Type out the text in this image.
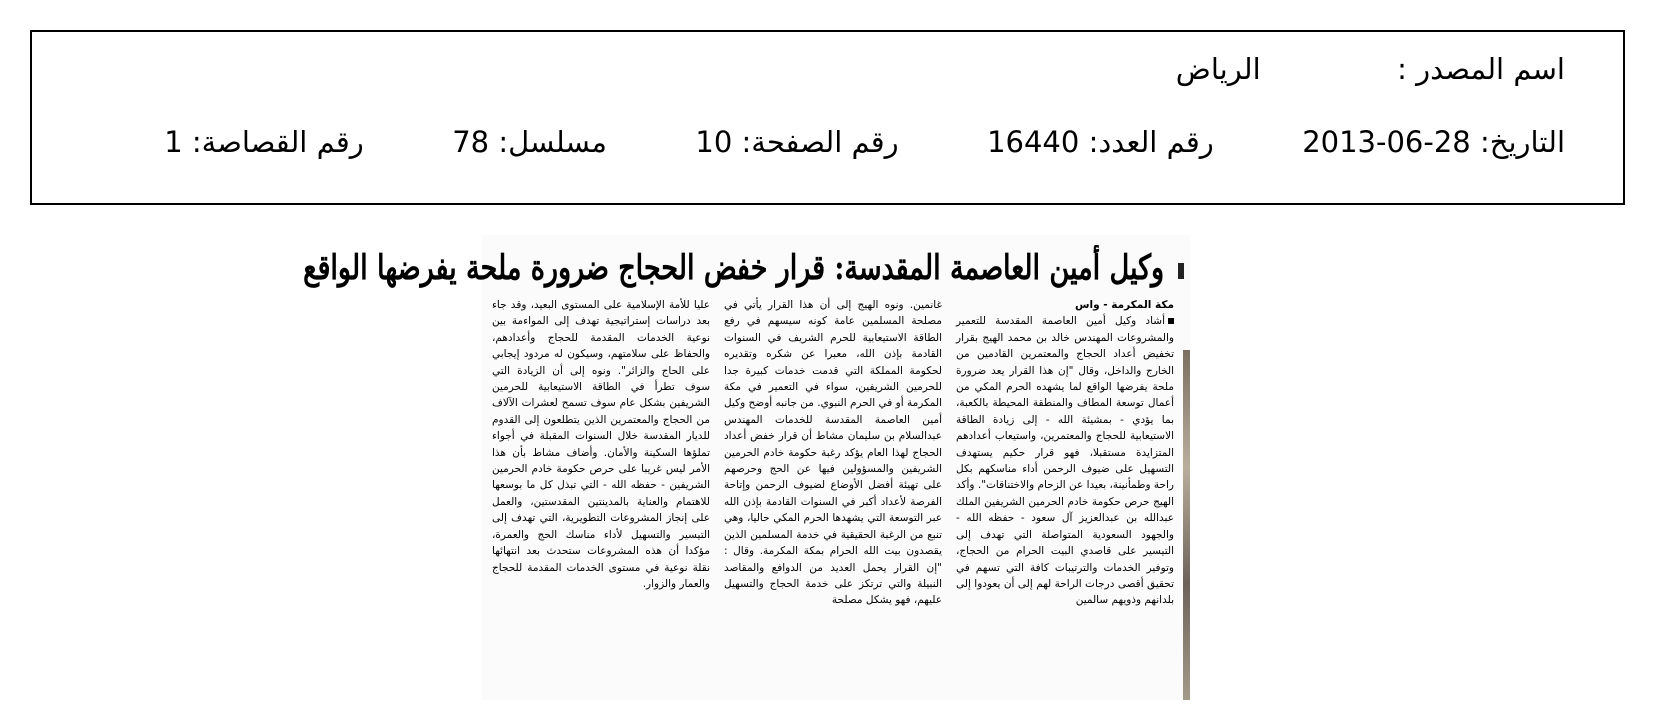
اسم المصدر :  الرياض
التاريخ: 2013-06-28  رقم العدد: 16440  رقم الصفحة: 10  مسلسل: 78  رقم القصاصة: 1
وكيل أمين العاصمة المقدسة: قرار خفض الحجاج ضرورة ملحة يفرضها الواقع

مكة المكرمة - واس

أشاد وكيل أمين العاصمة المقدسة للتعمير والمشروعات المهندس خالد بن محمد الهيج بقرار تخفيض أعداد الحجاج والمعتمرين القادمين من الخارج والداخل، وقال "إن هذا القرار يعد ضرورة ملحة يفرضها الواقع لما يشهده الحرم المكي من أعمال توسعة المطاف والمنطقة المحيطة بالكعبة، بما يؤدي - بمشيئة الله - إلى زيادة الطاقة الاستيعابية للحجاج والمعتمرين، واستيعاب أعدادهم المتزايدة مستقبلا، فهو قرار حكيم يستهدف التسهيل على ضيوف الرحمن أداء مناسكهم بكل راحة وطمأنينة، بعيدا عن الزحام والاختناقات". وأكد الهيج حرص حكومة خادم الحرمين الشريفين الملك عبدالله بن عبدالعزيز آل سعود - حفظه الله - والجهود السعودية المتواصلة التي تهدف إلى التيسير على قاصدي البيت الحرام من الحجاج، وتوفير الخدمات والترتيبات كافة التي تسهم في تحقيق أقصى درجات الراحة لهم إلى أن يعودوا إلى بلدانهم وذويهم سالمين

غانمين. ونوه الهيج إلى أن هذا القرار يأتي في مصلحة المسلمين عامة كونه سيسهم في رفع الطاقة الاستيعابية للحرم الشريف في السنوات القادمة بإذن الله، معبرا عن شكره وتقديره لحكومة المملكة التي قدمت خدمات كبيرة جدا للحرمين الشريفين، سواء في التعمير في مكة المكرمة أو في الحرم النبوي. من جانبه أوضح وكيل أمين العاصمة المقدسة للخدمات المهندس عبدالسلام بن سليمان مشاط أن قرار خفض أعداد الحجاج لهذا العام يؤكد رغبة حكومة خادم الحرمين الشريفين والمسؤولين فيها عن الحج وحرصهم على تهيئة أفضل الأوضاع لضيوف الرحمن وإتاحة الفرصة لأعداد أكبر في السنوات القادمة بإذن الله عبر التوسعة التي يشهدها الحرم المكي حاليا، وهي تنبع من الرغبة الحقيقية في خدمة المسلمين الذين يقصدون بيت الله الحرام بمكة المكرمة. وقال : "إن القرار يحمل العديد من الدوافع والمقاصد النبيلة والتي ترتكز على خدمة الحجاج والتسهيل عليهم، فهو يشكل مصلحة

عليا للأمة الإسلامية على المستوى البعيد، وقد جاء بعد دراسات إستراتيجية تهدف إلى المواءمة بين نوعية الخدمات المقدمة للحجاج وأعدادهم، والحفاظ على سلامتهم، وسيكون له مردود إيجابي على الحاج والزائر". ونوه إلى أن الزيادة التي سوف تطرأ في الطاقة الاستيعابية للحرمين الشريفين بشكل عام سوف تسمح لعشرات الآلاف من الحجاج والمعتمرين الذين يتطلعون إلى القدوم للديار المقدسة خلال السنوات المقبلة في أجواء تملؤها السكينة والأمان. وأضاف مشاط بأن هذا الأمر ليس غريبا على حرص حكومة خادم الحرمين الشريفين - حفظه الله - التي تبذل كل ما بوسعها للاهتمام والعناية بالمدينتين المقدستين، والعمل على إنجاز المشروعات التطويرية، التي تهدف إلى التيسير والتسهيل لأداء مناسك الحج والعمرة، مؤكدا أن هذه المشروعات ستحدث بعد انتهائها نقلة نوعية في مستوى الخدمات المقدمة للحجاج والعمار والزوار.
